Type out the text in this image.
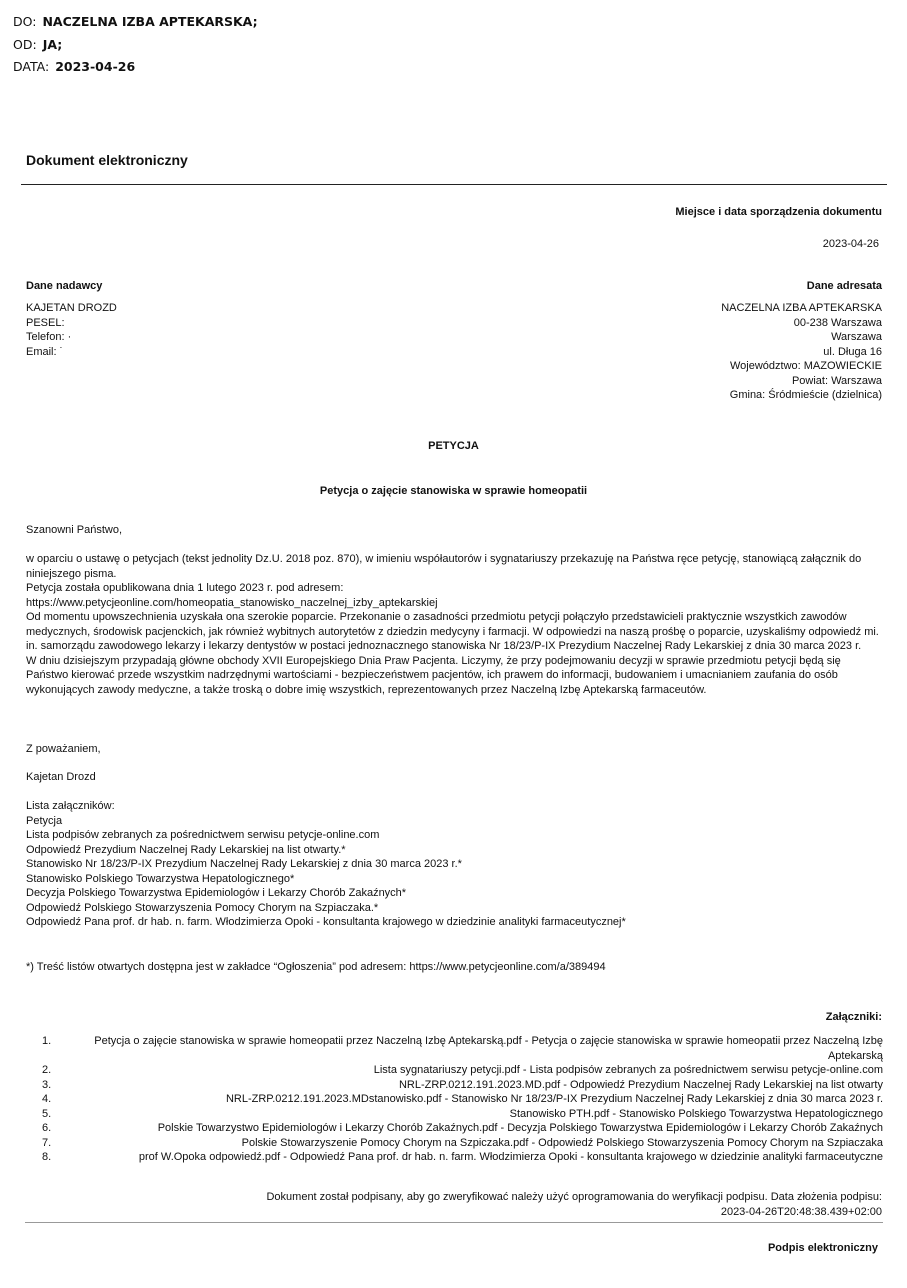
DO: NACZELNA IZBA APTEKARSKA;
OD: JA;
DATA: 2023-04-26
Dokument elektroniczny
Miejsce i data sporządzenia dokumentu
2023-04-26
Dane nadawcy	Dane adresata
KAJETAN DROZD
PESEL:
Telefon: ·
Email: ˙
NACZELNA IZBA APTEKARSKA
00-238 Warszawa
Warszawa
ul. Długa 16
Województwo: MAZOWIECKIE
Powiat: Warszawa
Gmina: Śródmieście (dzielnica)
PETYCJA
Petycja o zajęcie stanowiska w sprawie homeopatii
Szanowni Państwo,
w oparciu o ustawę o petycjach (tekst jednolity Dz.U. 2018 poz. 870), w imieniu współautorów i sygnatariuszy przekazuję na Państwa ręce petycję, stanowiącą załącznik do niniejszego pisma.
Petycja została opublikowana dnia 1 lutego 2023 r. pod adresem:
https://www.petycjeonline.com/homeopatia_stanowisko_naczelnej_izby_aptekarskiej
Od momentu upowszechnienia uzyskała ona szerokie poparcie. Przekonanie o zasadności przedmiotu petycji połączyło przedstawicieli praktycznie wszystkich zawodów medycznych, środowisk pacjenckich, jak również wybitnych autorytetów z dziedzin medycyny i farmacji. W odpowiedzi na naszą prośbę o poparcie, uzyskaliśmy odpowiedź mi. in. samorządu zawodowego lekarzy i lekarzy dentystów w postaci jednoznacznego stanowiska Nr 18/23/P-IX Prezydium Naczelnej Rady Lekarskiej z dnia 30 marca 2023 r.
W dniu dzisiejszym przypadają główne obchody XVII Europejskiego Dnia Praw Pacjenta. Liczymy, że przy podejmowaniu decyzji w sprawie przedmiotu petycji będą się Państwo kierować przede wszystkim nadrzędnymi wartościami - bezpieczeństwem pacjentów, ich prawem do informacji, budowaniem i umacnianiem zaufania do osób wykonujących zawody medyczne, a także troską o dobre imię wszystkich, reprezentowanych przez Naczelną Izbę Aptekarską farmaceutów.
Z poważaniem,
Kajetan Drozd
Lista załączników:
Petycja
Lista podpisów zebranych za pośrednictwem serwisu petycje-online.com
Odpowiedź Prezydium Naczelnej Rady Lekarskiej na list otwarty.*
Stanowisko Nr 18/23/P-IX Prezydium Naczelnej Rady Lekarskiej z dnia 30 marca 2023 r.*
Stanowisko Polskiego Towarzystwa Hepatologicznego*
Decyzja Polskiego Towarzystwa Epidemiologów i Lekarzy Chorób Zakaźnych*
Odpowiedź Polskiego Stowarzyszenia Pomocy Chorym na Szpiaczaka.*
Odpowiedź Pana prof. dr hab. n. farm. Włodzimierza Opoki - konsultanta krajowego w dziedzinie analityki farmaceutycznej*
*) Treść listów otwartych dostępna jest w zakładce “Ogłoszenia” pod adresem: https://www.petycjeonline.com/a/389494
Załączniki:
1.	Petycja o zajęcie stanowiska w sprawie homeopatii przez Naczelną Izbę Aptekarską.pdf - Petycja o zajęcie stanowiska w sprawie homeopatii przez Naczelną Izbę Aptekarską
2.	Lista sygnatariuszy petycji.pdf - Lista podpisów zebranych za pośrednictwem serwisu petycje-online.com
3.	NRL-ZRP.0212.191.2023.MD.pdf - Odpowiedź Prezydium Naczelnej Rady Lekarskiej na list otwarty
4.	NRL-ZRP.0212.191.2023.MDstanowisko.pdf - Stanowisko Nr 18/23/P-IX Prezydium Naczelnej Rady Lekarskiej z dnia 30 marca 2023 r.
5.	Stanowisko PTH.pdf - Stanowisko Polskiego Towarzystwa Hepatologicznego
6.	Polskie Towarzystwo Epidemiologów i Lekarzy Chorób Zakaźnych.pdf - Decyzja Polskiego Towarzystwa Epidemiologów i Lekarzy Chorób Zakaźnych
7.	Polskie Stowarzyszenie Pomocy Chorym na Szpiczaka.pdf - Odpowiedź Polskiego Stowarzyszenia Pomocy Chorym na Szpiaczaka
8.	prof W.Opoka odpowiedź.pdf - Odpowiedź Pana prof. dr hab. n. farm. Włodzimierza Opoki - konsultanta krajowego w dziedzinie analityki farmaceutyczne
Dokument został podpisany, aby go zweryfikować należy użyć oprogramowania do weryfikacji podpisu. Data złożenia podpisu:
2023-04-26T20:48:38.439+02:00
Podpis elektroniczny
